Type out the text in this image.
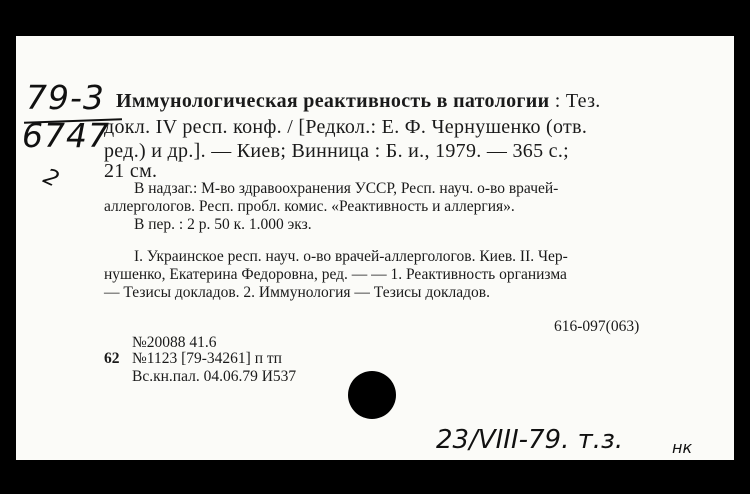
79-3
6747
2
Иммунологическая реактивность в патологии : Тез.
докл. IV респ. конф. / [Редкол.: Е. Ф. Чернушенко (отв.
ред.) и др.]. — Киев; Винница : Б. и., 1979. — 365 с.;
21 см.
В надзаг.: М-во здравоохранения УССР, Респ. науч. о-во врачей-
аллергологов. Респ. пробл. комис. «Реактивность и аллергия».
В пер. : 2 р. 50 к. 1.000 экз.
I. Украинское респ. науч. о-во врачей-аллергологов. Киев. II. Чер-
нушенко, Екатерина Федоровна, ред. — — 1. Реактивность организма
— Тезисы докладов. 2. Иммунология — Тезисы докладов.
616-097(063)
№20088 41.6
62 №1123 [79-34261] п тп
Вс.кн.пал. 04.06.79 И537
23/VIII-79. т.з.	нк
